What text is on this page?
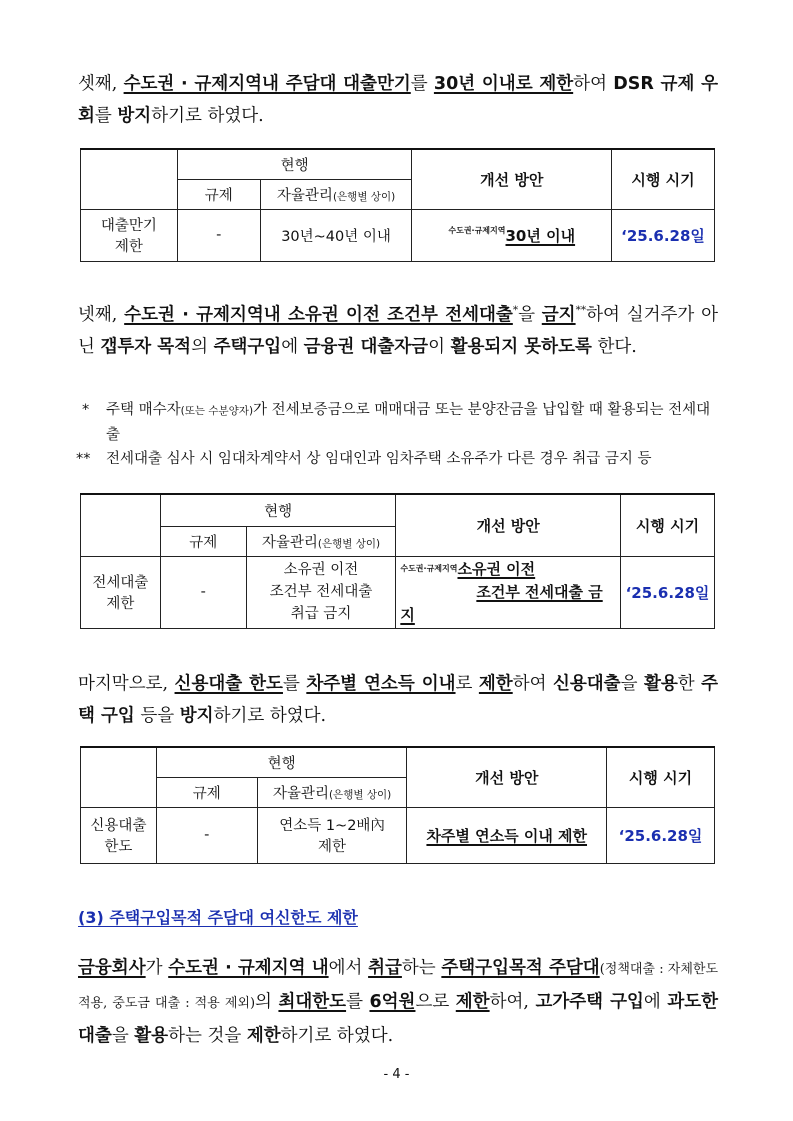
셋째, 수도권 · 규제지역내 주담대 대출만기를 30년 이내로 제한하여 DSR 규제 우회를 방지하기로 하였다.
	현행		개선 방안	시행 시기
	규제	자율관리(은행별 상이)		
대출만기
제한	-	30년~40년 이내	$^{수도권\cdot 규제지역}$30년 이내	‘25.6.28일
넷째, 수도권 · 규제지역내 소유권 이전 조건부 전세대출*을 금지**하여 실거주가 아닌 갭투자 목적의 주택구입에 금융권 대출자금이 활용되지 못하도록 한다.
*	주택 매수자(또는 수분양자)가 전세보증금으로 매매대금 또는 분양잔금을 납입할 때 활용되는 전세대출
**	전세대출 심사 시 임대차계약서 상 임대인과 임차주택 소유주가 다른 경우 취급 금지 등
	현행		개선 방안	시행 시기
	규제	자율관리(은행별 상이)		
전세대출
제한	-	소유권 이전
조건부 전세대출
취급 금지	$^{수도권\cdot 규제지역}$소유권 이전
조건부 전세대출 금지	‘25.6.28일
마지막으로, 신용대출 한도를 차주별 연소득 이내로 제한하여 신용대출을 활용한 주택 구입 등을 방지하기로 하였다.
	현행		개선 방안	시행 시기
	규제	자율관리(은행별 상이)		
신용대출
한도	-	연소득 1~2배內
제한	차주별 연소득 이내 제한	‘25.6.28일
(3) 주택구입목적 주담대 여신한도 제한
금융회사가 수도권 · 규제지역 내에서 취급하는 주택구입목적 주담대(정책대출 : 자체한도 적용, 중도금 대출 : 적용 제외)의 최대한도를 6억원으로 제한하여, 고가주택 구입에 과도한 대출을 활용하는 것을 제한하기로 하였다.
- 4 -
